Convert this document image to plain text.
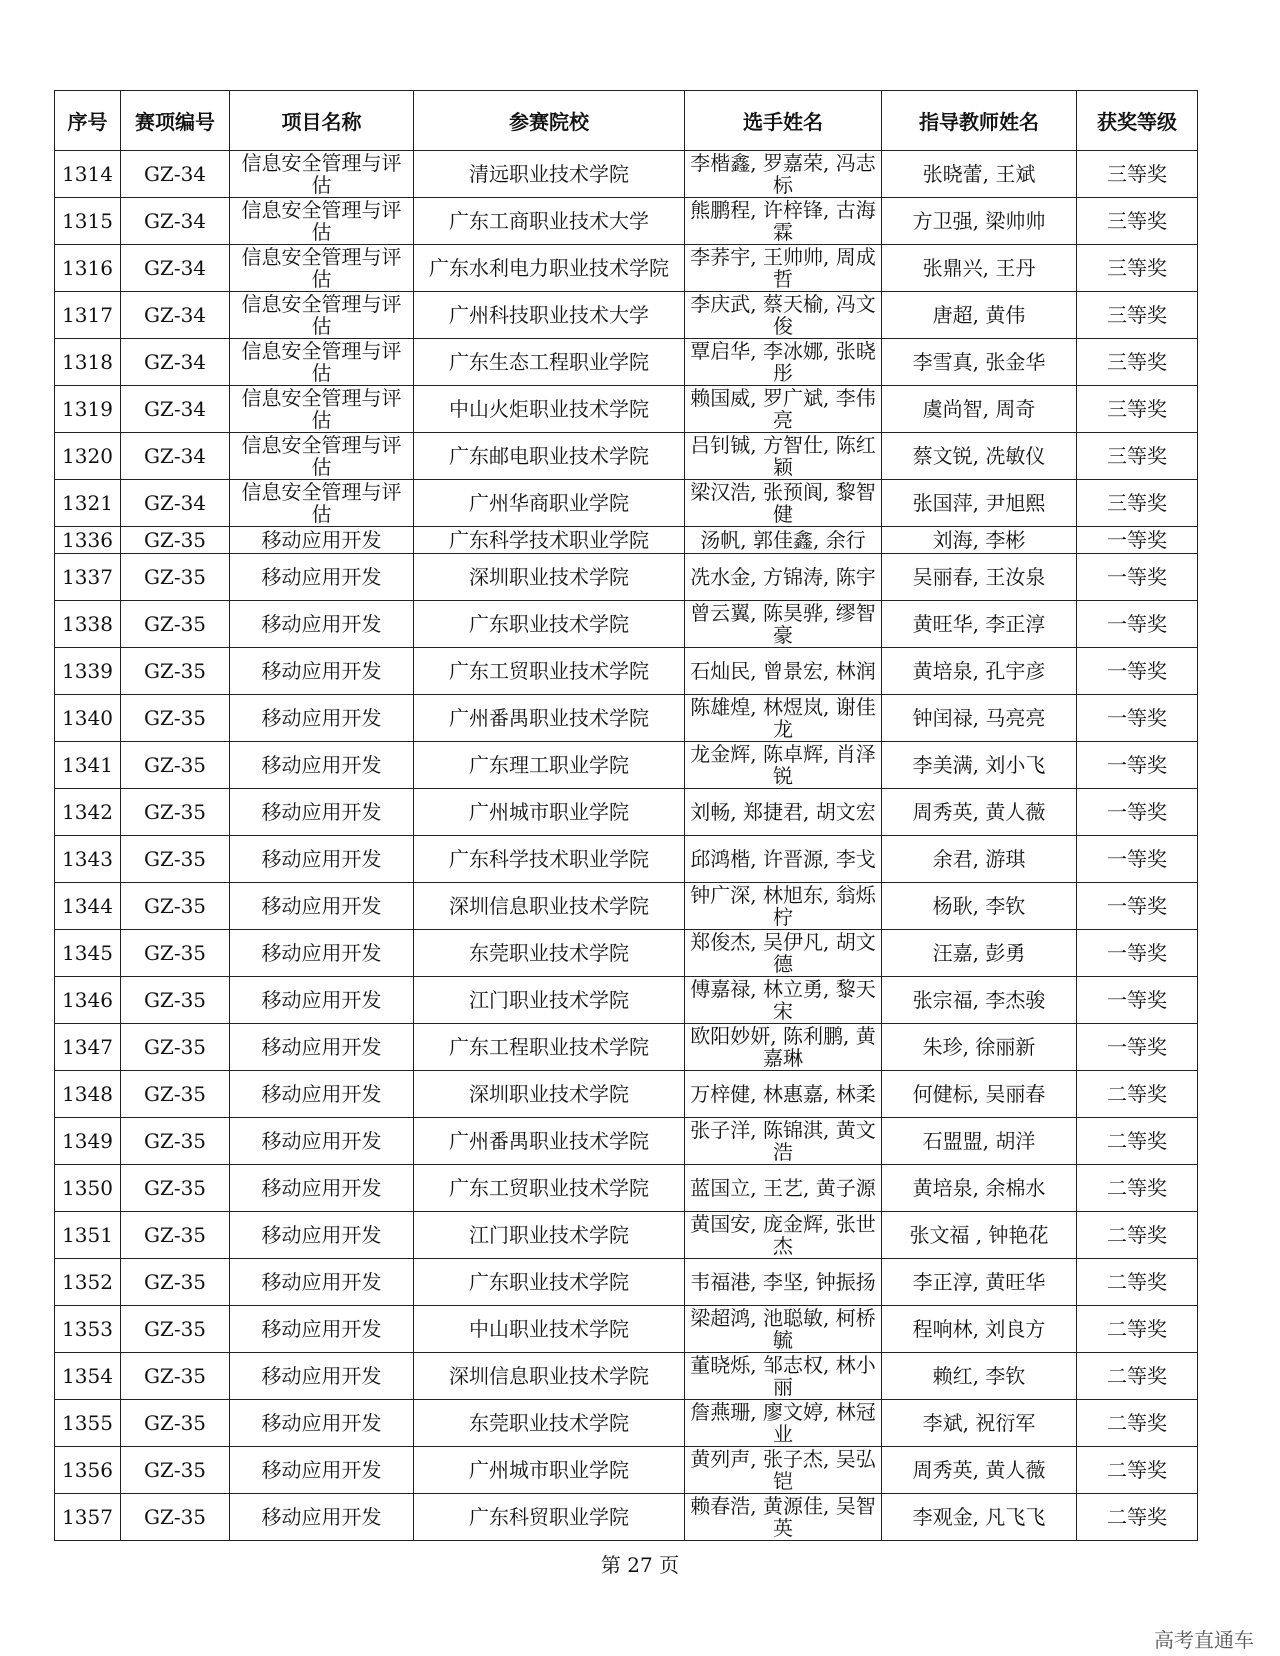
序号	赛项编号	项目名称	参赛院校	选手姓名	指导教师姓名	获奖等级

1314	GZ-34	信息安全管理与评估	清远职业技术学院	李楷鑫, 罗嘉荣, 冯志标	张晓蕾, 王斌	三等奖

1315	GZ-34	信息安全管理与评估	广东工商职业技术大学	熊鹏程, 许梓锋, 古海霖	方卫强, 梁帅帅	三等奖

1316	GZ-34	信息安全管理与评估	广东水利电力职业技术学院	李荞宇, 王帅帅, 周成哲	张鼎兴, 王丹	三等奖

1317	GZ-34	信息安全管理与评估	广州科技职业技术大学	李庆武, 蔡天榆, 冯文俊	唐超, 黄伟	三等奖

1318	GZ-34	信息安全管理与评估	广东生态工程职业学院	覃启华, 李冰娜, 张晓彤	李雪真, 张金华	三等奖

1319	GZ-34	信息安全管理与评估	中山火炬职业技术学院	赖国威, 罗广斌, 李伟亮	虞尚智, 周奇	三等奖

1320	GZ-34	信息安全管理与评估	广东邮电职业技术学院	吕钊铖, 方智仕, 陈红颖	蔡文锐, 冼敏仪	三等奖

1321	GZ-34	信息安全管理与评估	广州华商职业学院	梁汉浩, 张预阆, 黎智健	张国萍, 尹旭熙	三等奖

1336	GZ-35	移动应用开发	广东科学技术职业学院	汤帆, 郭佳鑫, 余行	刘海, 李彬	一等奖

1337	GZ-35	移动应用开发	深圳职业技术学院	冼水金, 方锦涛, 陈宇	吴丽春, 王汝泉	一等奖

1338	GZ-35	移动应用开发	广东职业技术学院	曾云翼, 陈昊骅, 缪智豪	黄旺华, 李正淳	一等奖

1339	GZ-35	移动应用开发	广东工贸职业技术学院	石灿民, 曾景宏, 林润	黄培泉, 孔宇彦	一等奖

1340	GZ-35	移动应用开发	广州番禺职业技术学院	陈雄煌, 林煜岚, 谢佳龙	钟闰禄, 马亮亮	一等奖

1341	GZ-35	移动应用开发	广东理工职业学院	龙金辉, 陈卓辉, 肖泽锐	李美满, 刘小飞	一等奖

1342	GZ-35	移动应用开发	广州城市职业学院	刘畅, 郑捷君, 胡文宏	周秀英, 黄人薇	一等奖

1343	GZ-35	移动应用开发	广东科学技术职业学院	邱鸿楷, 许晋源, 李戈	余君, 游琪	一等奖

1344	GZ-35	移动应用开发	深圳信息职业技术学院	钟广深, 林旭东, 翁烁柠	杨耿, 李钦	一等奖

1345	GZ-35	移动应用开发	东莞职业技术学院	郑俊杰, 吴伊凡, 胡文德	汪嘉, 彭勇	一等奖

1346	GZ-35	移动应用开发	江门职业技术学院	傅嘉禄, 林立勇, 黎天宋	张宗福, 李杰骏	一等奖

1347	GZ-35	移动应用开发	广东工程职业技术学院	欧阳妙妍, 陈利鹏, 黄嘉琳	朱珍, 徐丽新	一等奖

1348	GZ-35	移动应用开发	深圳职业技术学院	万梓健, 林惠嘉, 林柔	何健标, 吴丽春	二等奖

1349	GZ-35	移动应用开发	广州番禺职业技术学院	张子洋, 陈锦淇, 黄文浩	石盟盟, 胡洋	二等奖

1350	GZ-35	移动应用开发	广东工贸职业技术学院	蓝国立, 王艺, 黄子源	黄培泉, 余棉水	二等奖

1351	GZ-35	移动应用开发	江门职业技术学院	黄国安, 庞金辉, 张世杰	张文福 , 钟艳花	二等奖

1352	GZ-35	移动应用开发	广东职业技术学院	韦福港, 李坚, 钟振扬	李正淳, 黄旺华	二等奖

1353	GZ-35	移动应用开发	中山职业技术学院	梁超鸿, 池聪敏, 柯桥毓	程响林, 刘良方	二等奖

1354	GZ-35	移动应用开发	深圳信息职业技术学院	董晓烁, 邹志权, 林小丽	赖红, 李钦	二等奖

1355	GZ-35	移动应用开发	东莞职业技术学院	詹燕珊, 廖文婷, 林冠业	李斌, 祝衍军	二等奖

1356	GZ-35	移动应用开发	广州城市职业学院	黄列声, 张子杰, 吴弘铠	周秀英, 黄人薇	二等奖

1357	GZ-35	移动应用开发	广东科贸职业学院	赖春浩, 黄源佳, 吴智英	李观金, 凡飞飞	二等奖
第 27 页
高考直通车
